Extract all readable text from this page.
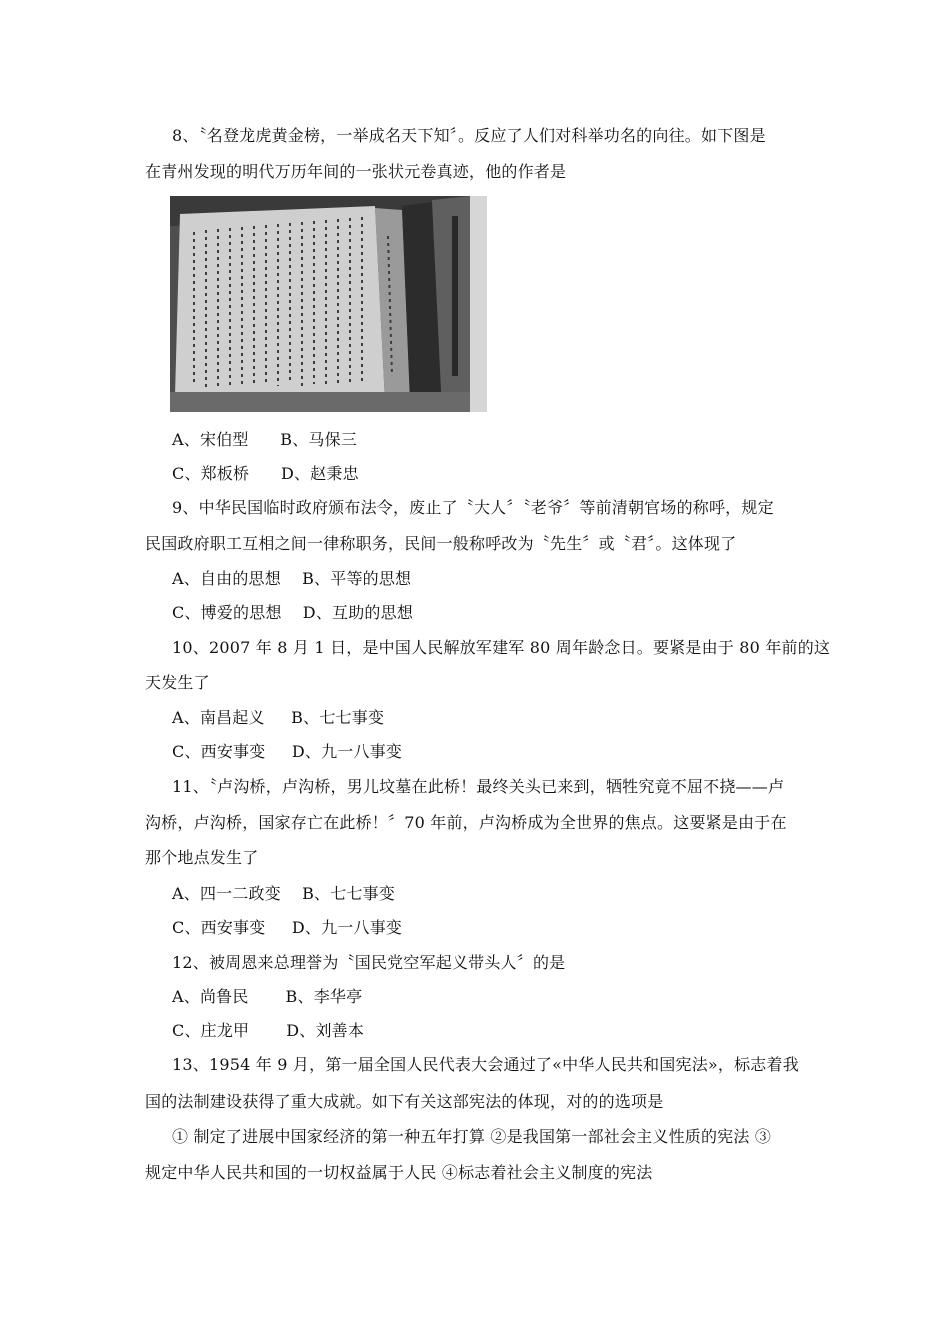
8、〝名登龙虎黄金榜，一举成名天下知〞。反应了人们对科举功名的向往。如下图是
在青州发现的明代万历年间的一张状元卷真迹，他的作者是
A、宋伯型      B、马保三
C、郑板桥      D、赵秉忠
9、中华民国临时政府颁布法令，废止了〝大人〞〝老爷〞等前清朝官场的称呼，规定
民国政府职工互相之间一律称职务，民间一般称呼改为〝先生〞或〝君〞。这体现了
A、自由的思想    B、平等的思想
C、博爱的思想    D、互助的思想
10、2007 年 8 月 1 日，是中国人民解放军建军 80 周年龄念日。要紧是由于 80 年前的这
天发生了
A、南昌起义     B、七七事变
C、西安事变     D、九一八事变
11、〝卢沟桥，卢沟桥，男儿坟墓在此桥！最终关头已来到，牺牲究竟不屈不挠——卢
沟桥，卢沟桥，国家存亡在此桥！〞70 年前，卢沟桥成为全世界的焦点。这要紧是由于在
那个地点发生了
A、四一二政变    B、七七事变
C、西安事变     D、九一八事变
12、被周恩来总理誉为〝国民党空军起义带头人〞的是
A、尚鲁民       B、李华亭
C、庄龙甲       D、刘善本
13、1954 年 9 月，第一届全国人民代表大会通过了«中华人民共和国宪法»，标志着我
国的法制建设获得了重大成就。如下有关这部宪法的体现，对的的选项是
① 制定了进展中国家经济的第一种五年打算 ②是我国第一部社会主义性质的宪法 ③
规定中华人民共和国的一切权益属于人民 ④标志着社会主义制度的宪法
